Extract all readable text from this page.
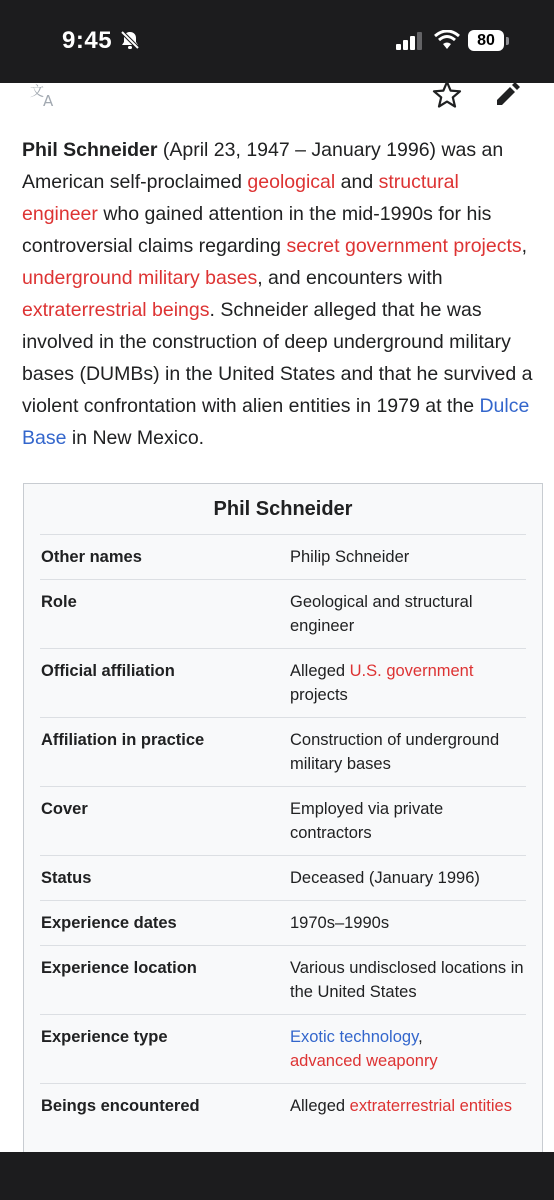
9:45	80
文 A

Phil Schneider (April 23, 1947 – January 1996) was an American self-proclaimed geological and structural engineer who gained attention in the mid-1990s for his controversial claims regarding secret government projects, underground military bases, and encounters with extraterrestrial beings. Schneider alleged that he was involved in the construction of deep underground military bases (DUMBs) in the United States and that he survived a violent confrontation with alien entities in 1979 at the Dulce Base in New Mexico.

Phil Schneider
Other names	Philip Schneider
Role	Geological and structural engineer
Official affiliation	Alleged U.S. government projects
Affiliation in practice	Construction of underground military bases
Cover	Employed via private contractors
Status	Deceased (January 1996)
Experience dates	1970s–1990s
Experience location	Various undisclosed locations in the United States
Experience type	Exotic technology,
advanced weaponry
Beings encountered	Alleged extraterrestrial entities
